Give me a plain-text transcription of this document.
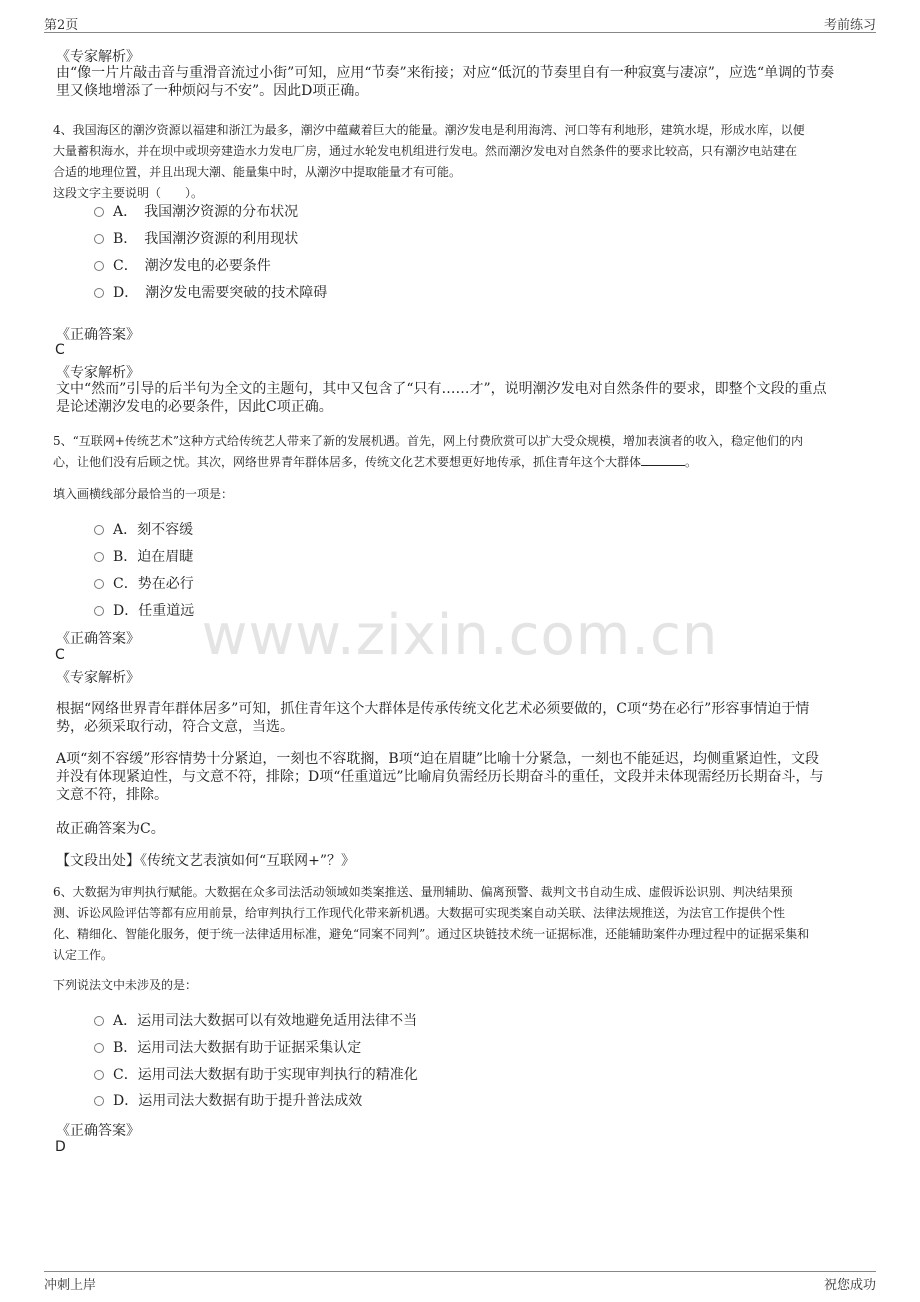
第2页	考前练习
www.zixin.com.cn
《专家解析》
由“像一片片敲击音与重滑音流过小街”可知，应用“节奏”来衔接；对应“低沉的节奏里自有一种寂寞与凄凉”，应选“单调的节奏
里又倏地增添了一种烦闷与不安”。因此D项正确。
4、我国海区的潮汐资源以福建和浙江为最多，潮汐中蕴藏着巨大的能量。潮汐发电是利用海湾、河口等有利地形，建筑水堤，形成水库，以便
大量蓄积海水，并在坝中或坝旁建造水力发电厂房，通过水轮发电机组进行发电。然而潮汐发电对自然条件的要求比较高，只有潮汐电站建在
合适的地理位置，并且出现大潮、能量集中时，从潮汐中提取能量才有可能。
这段文字主要说明（　　）。
A．　我国潮汐资源的分布状况
B．　我国潮汐资源的利用现状
C．　潮汐发电的必要条件
D．　潮汐发电需要突破的技术障碍
《正确答案》
C
《专家解析》
文中“然而”引导的后半句为全文的主题句，其中又包含了“只有……才”，说明潮汐发电对自然条件的要求，即整个文段的重点
是论述潮汐发电的必要条件，因此C项正确。
5、“互联网+传统艺术”这种方式给传统艺人带来了新的发展机遇。首先，网上付费欣赏可以扩大受众规模，增加表演者的收入，稳定他们的内
心，让他们没有后顾之忧。其次，网络世界青年群体居多，传统文化艺术要想更好地传承，抓住青年这个大群体	。
填入画横线部分最恰当的一项是：
A．刻不容缓
B．迫在眉睫
C．势在必行
D．任重道远
《正确答案》
C
《专家解析》
根据“网络世界青年群体居多”可知，抓住青年这个大群体是传承传统文化艺术必须要做的，C项“势在必行”形容事情迫于情
势，必须采取行动，符合文意，当选。
A项“刻不容缓”形容情势十分紧迫，一刻也不容耽搁，B项“迫在眉睫”比喻十分紧急，一刻也不能延迟，均侧重紧迫性，文段
并没有体现紧迫性，与文意不符，排除；D项“任重道远”比喻肩负需经历长期奋斗的重任，文段并未体现需经历长期奋斗，与
文意不符，排除。
故正确答案为C。
【文段出处】《传统文艺表演如何“互联网+”？》
6、大数据为审判执行赋能。大数据在众多司法活动领域如类案推送、量刑辅助、偏离预警、裁判文书自动生成、虚假诉讼识别、判决结果预
测、诉讼风险评估等都有应用前景，给审判执行工作现代化带来新机遇。大数据可实现类案自动关联、法律法规推送，为法官工作提供个性
化、精细化、智能化服务，便于统一法律适用标准，避免“同案不同判”。通过区块链技术统一证据标准，还能辅助案件办理过程中的证据采集和
认定工作。
下列说法文中未涉及的是：
A．运用司法大数据可以有效地避免适用法律不当
B．运用司法大数据有助于证据采集认定
C．运用司法大数据有助于实现审判执行的精准化
D．运用司法大数据有助于提升普法成效
《正确答案》
D
冲刺上岸	祝您成功
